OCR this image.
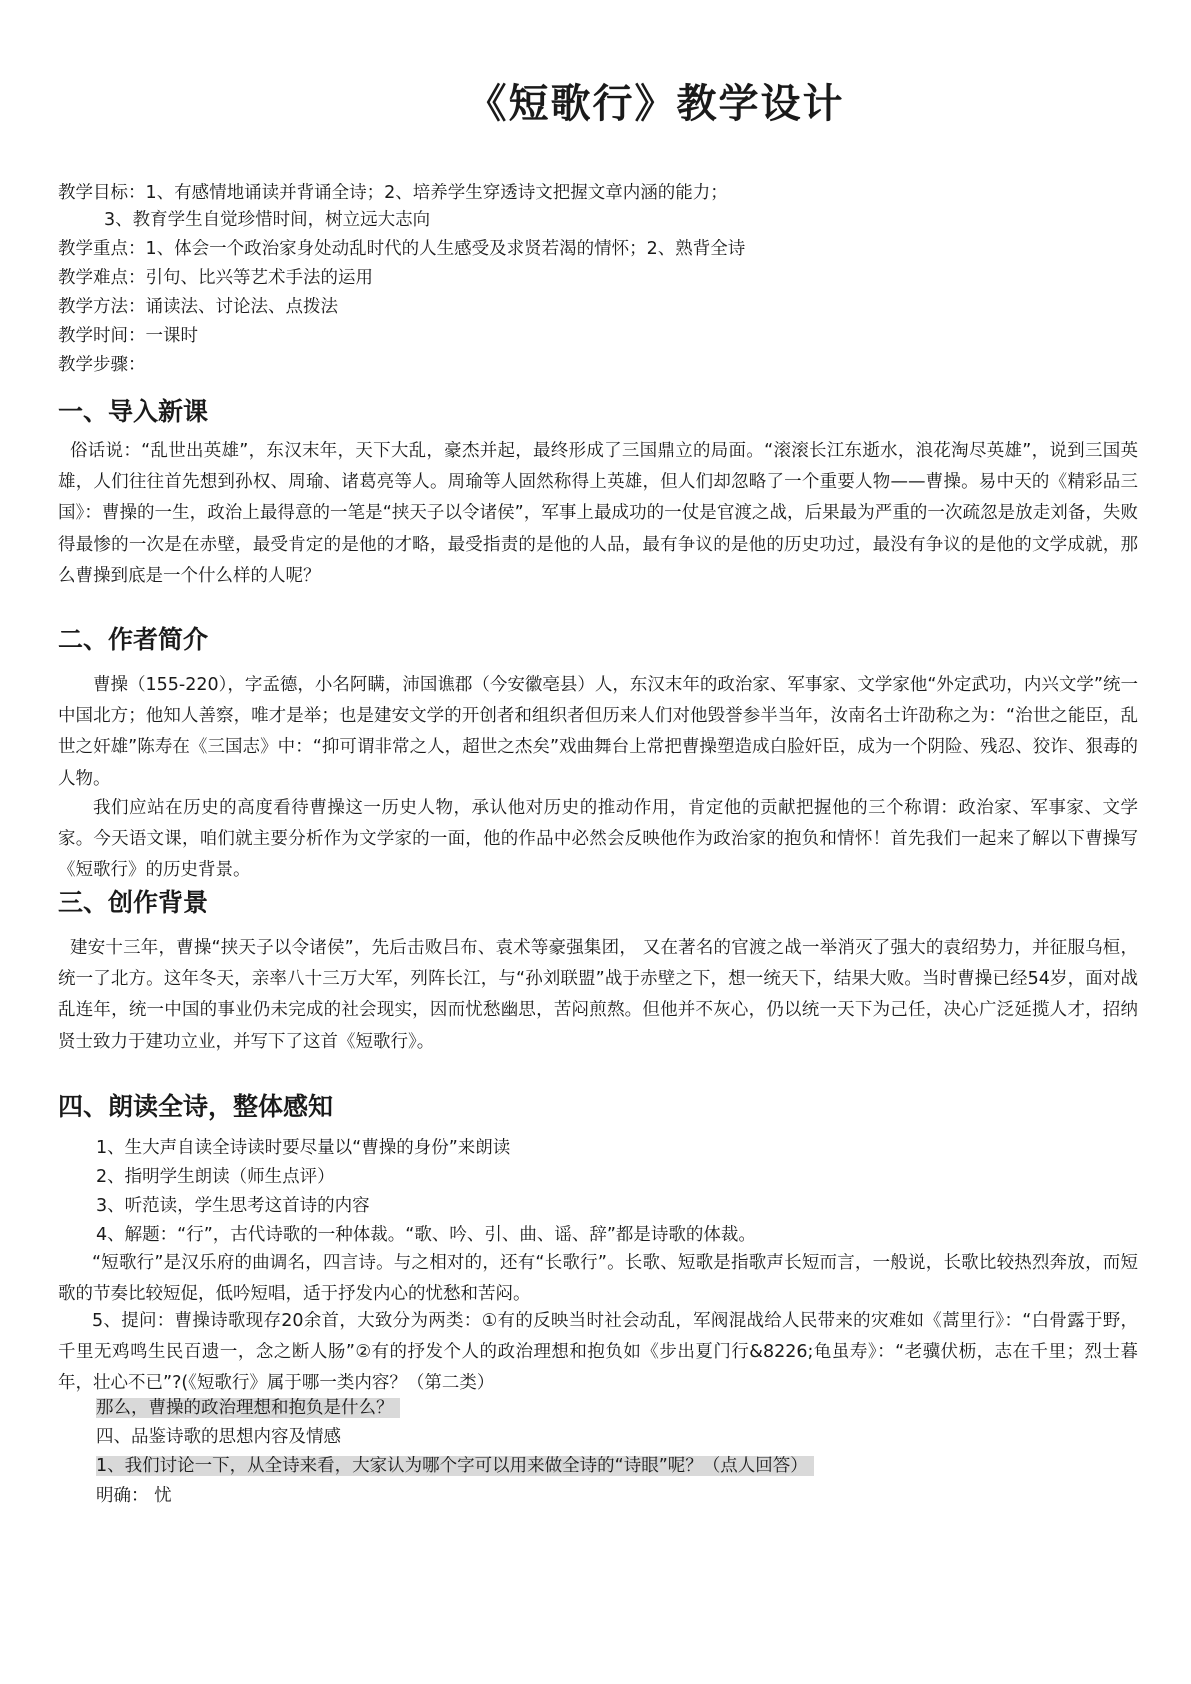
《短歌行》教学设计
教学目标：1、有感情地诵读并背诵全诗；2、培养学生穿透诗文把握文章内涵的能力；
3、教育学生自觉珍惜时间，树立远大志向
教学重点：1、体会一个政治家身处动乱时代的人生感受及求贤若渴的情怀；2、熟背全诗
教学难点：引句、比兴等艺术手法的运用
教学方法：诵读法、讨论法、点拨法
教学时间：一课时
教学步骤：
一、导入新课
俗话说：“乱世出英雄”，东汉末年，天下大乱，豪杰并起，最终形成了三国鼎立的局面。“滚滚长江东逝水，浪花淘尽英雄”，说到三国英雄，人们往往首先想到孙权、周瑜、诸葛亮等人。周瑜等人固然称得上英雄，但人们却忽略了一个重要人物——曹操。易中天的《精彩品三国》：曹操的一生，政治上最得意的一笔是“挟天子以令诸侯”，军事上最成功的一仗是官渡之战，后果最为严重的一次疏忽是放走刘备，失败得最惨的一次是在赤壁，最受肯定的是他的才略，最受指责的是他的人品，最有争议的是他的历史功过，最没有争议的是他的文学成就，那么曹操到底是一个什么样的人呢？
二、作者简介
曹操（155-220），字孟德，小名阿瞒，沛国谯郡（今安徽亳县）人，东汉末年的政治家、军事家、文学家他“外定武功，内兴文学”统一中国北方；他知人善察，唯才是举；也是建安文学的开创者和组织者但历来人们对他毁誉参半当年，汝南名士许劭称之为：“治世之能臣，乱世之奸雄”陈寿在《三国志》中：“抑可谓非常之人，超世之杰矣”戏曲舞台上常把曹操塑造成白脸奸臣，成为一个阴险、残忍、狡诈、狠毒的人物。
我们应站在历史的高度看待曹操这一历史人物，承认他对历史的推动作用，肯定他的贡献把握他的三个称谓：政治家、军事家、文学家。今天语文课，咱们就主要分析作为文学家的一面，他的作品中必然会反映他作为政治家的抱负和情怀！首先我们一起来了解以下曹操写《短歌行》的历史背景。
三、创作背景
建安十三年，曹操“挟天子以令诸侯”，先后击败吕布、袁术等豪强集团， 又在著名的官渡之战一举消灭了强大的袁绍势力，并征服乌桓，统一了北方。这年冬天，亲率八十三万大军，列阵长江，与“孙刘联盟”战于赤壁之下，想一统天下，结果大败。当时曹操已经54岁，面对战乱连年，统一中国的事业仍未完成的社会现实，因而忧愁幽思，苦闷煎熬。但他并不灰心，仍以统一天下为己任，决心广泛延揽人才，招纳贤士致力于建功立业，并写下了这首《短歌行》。
四、朗读全诗，整体感知
1、生大声自读全诗读时要尽量以“曹操的身份”来朗读
2、指明学生朗读（师生点评）
3、听范读，学生思考这首诗的内容
4、解题：“行”，古代诗歌的一种体裁。“歌、吟、引、曲、谣、辞”都是诗歌的体裁。
“短歌行”是汉乐府的曲调名，四言诗。与之相对的，还有“长歌行”。长歌、短歌是指歌声长短而言，一般说，长歌比较热烈奔放，而短歌的节奏比较短促，低吟短唱，适于抒发内心的忧愁和苦闷。
5、提问：曹操诗歌现存20余首，大致分为两类：①有的反映当时社会动乱，军阀混战给人民带来的灾难如《蒿里行》：“白骨露于野，千里无鸡鸣生民百遗一，念之断人肠”②有的抒发个人的政治理想和抱负如《步出夏门行&8226;龟虽寿》：“老骥伏枥，志在千里；烈士暮年，壮心不已”?(《短歌行》属于哪一类内容？（第二类）
那么，曹操的政治理想和抱负是什么？
四、品鉴诗歌的思想内容及情感
1、我们讨论一下，从全诗来看，大家认为哪个字可以用来做全诗的“诗眼”呢？（点人回答）
明确： 忧
